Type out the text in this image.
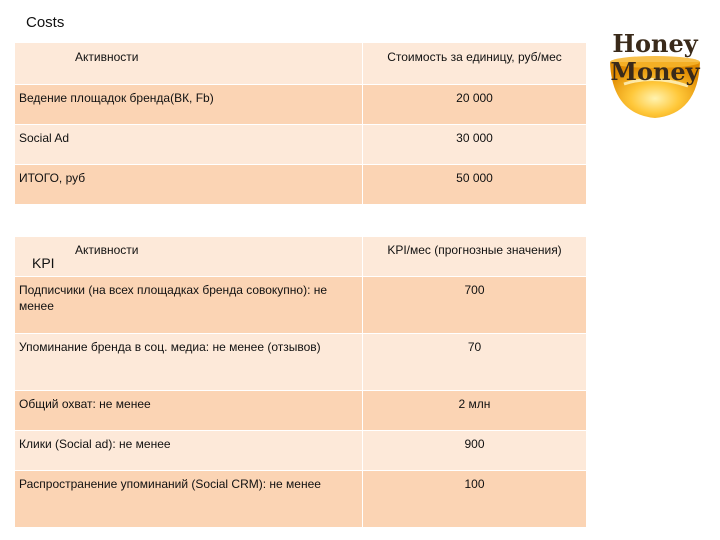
Costs
Активности	Стоимость за единицу, руб/мес
Ведение площадок бренда(ВК, Fb)	20 000
Social Ad	30 000
ИТОГО, руб	50 000
Активности	KPI/мес (прогнозные значения)
Подписчики (на всех площадках бренда совокупно): не менее	700
Упоминание бренда в соц. медиа: не менее (отзывов)	70
Общий охват: не менее	2 млн
Клики (Social ad): не менее	900
Распространение упоминаний (Social CRM): не менее	100
KPI
Honey
Money
